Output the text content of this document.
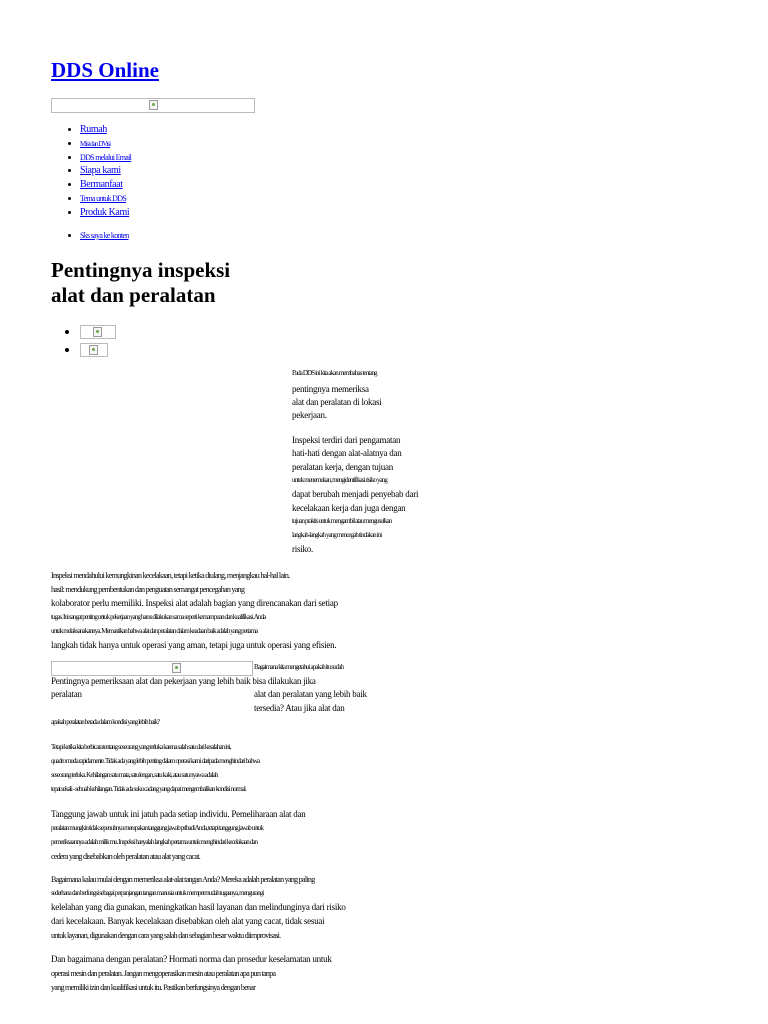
DDS Online
• Rumah
• Misi dan DVisi
• DDS melalui Email
• Siapa kami
• Bermanfaat
• Tema untuk DDS
• Produk Kami
• Sks saya ke konten
Pentingnya inspeksi
alat dan peralatan
•
•

Pada DDS ini kita akan membahas tentang

pentingnya memeriksa

alat dan peralatan di lokasi

pekerjaan.

Inspeksi terdiri dari pengamatan

hati-hati dengan alat-alatnya dan

peralatan kerja, dengan tujuan

untuk menemukan, mengidentifikasi risiko yang

dapat berubah menjadi penyebab dari

kecelakaan kerja dan juga dengan

tujuan praktis untuk mengambil atau mengusulkan

langkah-langkah yang mencegah tindakan ini

risiko.

Inspeksi mendahului kemungkinan kecelakaan, tetapi ketika diulang, menjangkau hal-hal lain.

hasil: mendukung pembentukan dan penguatan semangat pencegahan yang

kolaborator perlu memiliki. Inspeksi alat adalah bagian yang direncanakan dari setiap

tugas. Ini sangat penting untuk pekerjaan yang harus dilakukan sama seperti kemampuan dan kualifikasi. Anda

untuk melaksanakannya. Memastikan bahwa alat dan peralatan dalam keadaan baik adalah yang pertama

langkah tidak hanya untuk operasi yang aman, tetapi juga untuk operasi yang efisien.

Bagaimana kita mengetahui apakah itu sudah

Pentingnya pemeriksaan alat dan pekerjaan yang lebih baik bisa dilakukan jika

peralatan	alat dan peralatan yang lebih baik

tersedia? Atau jika alat dan

apakah peralatan berada dalam kondisi yang lebih baik?

Tetapi ketika kita berbicara tentang seseorang yang terluka karena salah satu dari kesalahan ini,

quadro muda rapidamente. Tidak ada yang lebih penting dalam operasi kami daripada menghindari bahwa

seseorang terluka. Kehilangan satu mata, satu lengan, satu kaki, atau satu nyawa adalah

tepat sekali - sebuah kehilangan. Tidak ada suku cadang yang dapat mengembalikan kondisi normal.

Tanggung jawab untuk ini jatuh pada setiap individu. Pemeliharaan alat dan

peralatan mungkin tidak sepenuhnya merupakan tanggung jawab pribadi Anda, tetapi tanggung jawab untuk

pemeriksaannya adalah milik mu. Inspeksi hanyalah langkah pertama untuk menghindari kecelakaan dan

cedera yang disebabkan oleh peralatan atau alat yang cacat.

Bagaimana kalau mulai dengan memeriksa alat-alat tangan Anda? Mereka adalah peralatan yang paling

sederhana dan berfungsi sebagai perpanjangan tangan manusia untuk mempermudah tugasnya, mengurangi

kelelahan yang dia gunakan, meningkatkan hasil layanan dan melindunginya dari risiko

dari kecelakaan. Banyak kecelakaan disebabkan oleh alat yang cacat, tidak sesuai

untuk layanan, digunakan dengan cara yang salah dan sebagian besar waktu diimprovisasi.

Dan bagaimana dengan peralatan? Hormati norma dan prosedur keselamatan untuk

operasi mesin dan peralatan. Jangan mengoperasikan mesin atau peralatan apa pun tanpa

yang memiliki izin dan kualifikasi untuk itu. Pastikan berfungsinya dengan benar
